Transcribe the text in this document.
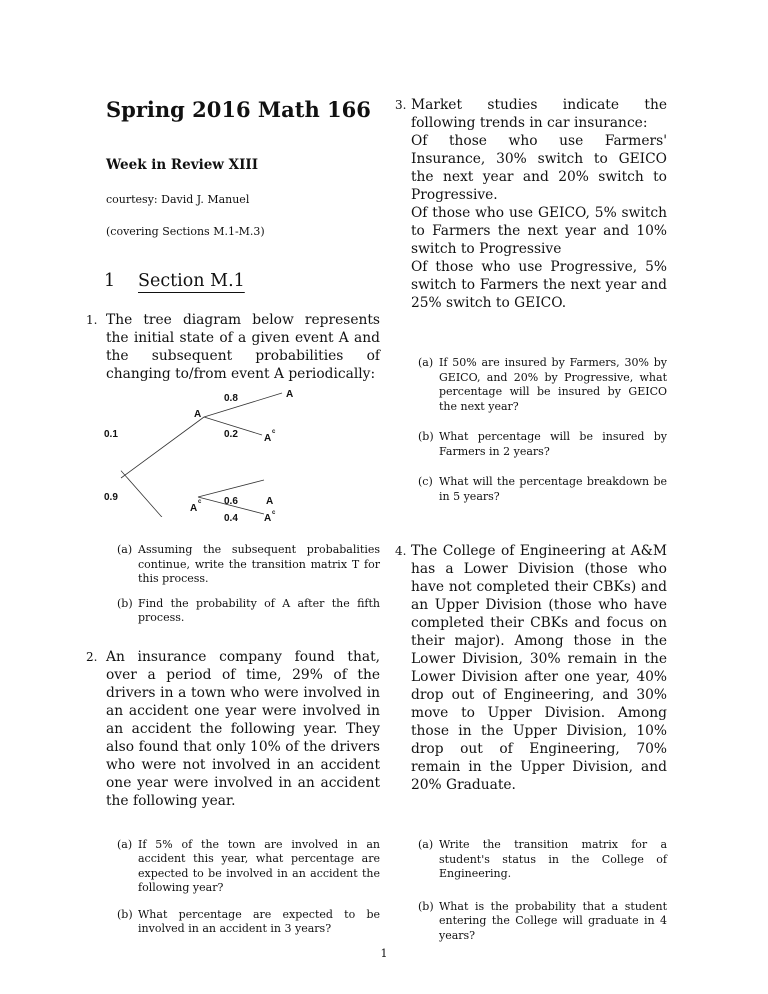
Spring 2016 Math 166
Week in Review XIII
courtesy: David J. Manuel
(covering Sections M.1-M.3)
1	Section M.1
1. The tree diagram below represents the initial state of a given event A and the subsequent probabilities of changing to/from event A periodically:
0.8	A
A
0.1	0.2	A
c
0.9	0.6	A
A
c
0.4	A c
(a) Assuming the subsequent probabalities continue, write the transition matrix T for this process.
(b) Find the probability of A after the fifth process.
2. An insurance company found that, over a period of time, 29% of the drivers in a town who were involved in an accident one year were involved in an accident the following year. They also found that only 10% of the drivers who were not involved in an accident one year were involved in an accident the following year.
(a) If 5% of the town are involved in an accident this year, what percentage are expected to be involved in an accident the following year?
(b) What percentage are expected to be involved in an accident in 3 years?
3. Market studies indicate the following trends in car insurance:
Of those who use Farmers' Insurance, 30% switch to GEICO the next year and 20% switch to Progressive.
Of those who use GEICO, 5% switch to Farmers the next year and 10% switch to Progressive
Of those who use Progressive, 5% switch to Farmers the next year and 25% switch to GEICO.
(a) If 50% are insured by Farmers, 30% by GEICO, and 20% by Progressive, what percentage will be insured by GEICO the next year?
(b) What percentage will be insured by Farmers in 2 years?
(c) What will the percentage breakdown be in 5 years?
4. The College of Engineering at A&M has a Lower Division (those who have not completed their CBKs) and an Upper Division (those who have completed their CBKs and focus on their major). Among those in the Lower Division, 30% remain in the Lower Division after one year, 40% drop out of Engineering, and 30% move to Upper Division. Among those in the Upper Division, 10% drop out of Engineering, 70% remain in the Upper Division, and 20% Graduate.
(a) Write the transition matrix for a student's status in the College of Engineering.
(b) What is the probability that a student entering the College will graduate in 4 years?
1
